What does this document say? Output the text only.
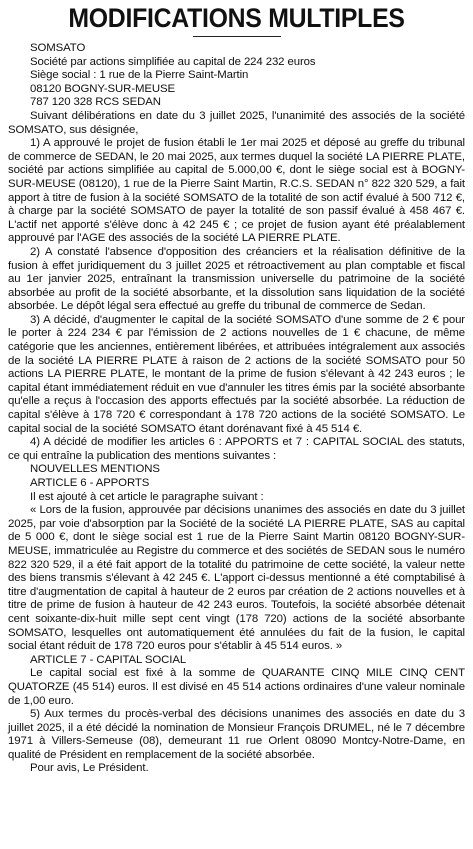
MODIFICATIONS MULTIPLES

SOMSATO

Société par actions simplifiée au capital de 224 232 euros

Siège social : 1 rue de la Pierre Saint-Martin

08120 BOGNY-SUR-MEUSE

787 120 328 RCS SEDAN

Suivant délibérations en date du 3 juillet 2025, l'unanimité des associés de la société SOMSATO, sus désignée,

1) A approuvé le projet de fusion établi le 1er mai 2025 et déposé au greffe du tribunal de commerce de SEDAN, le 20 mai 2025, aux termes duquel la société LA PIERRE PLATE, société par actions simplifiée au capital de 5.000,00 €, dont le siège social est à BOGNY-SUR-MEUSE (08120), 1 rue de la Pierre Saint Martin, R.C.S. SEDAN n° 822 320 529, a fait apport à titre de fusion à la société SOMSATO de la totalité de son actif évalué à 500 712 €, à charge par la société SOMSATO de payer la totalité de son passif évalué à 458 467 €. L'actif net apporté s'élève donc à 42 245 € ; ce projet de fusion ayant été préalablement approuvé par l'AGE des associés de la société LA PIERRE PLATE.

2) A constaté l'absence d'opposition des créanciers et la réalisation définitive de la fusion à effet juridiquement du 3 juillet 2025 et rétroactivement au plan comptable et fiscal au 1er janvier 2025, entraînant la transmission universelle du patrimoine de la société absorbée au profit de la société absorbante, et la dissolution sans liquidation de la société absorbée. Le dépôt légal sera effectué au greffe du tribunal de commerce de Sedan.

3) A décidé, d'augmenter le capital de la société SOMSATO d'une somme de 2 € pour le porter à 224 234 € par l'émission de 2 actions nouvelles de 1 € chacune, de même catégorie que les anciennes, entièrement libérées, et attribuées intégralement aux associés de la société LA PIERRE PLATE à raison de 2 actions de la société SOMSATO pour 50 actions LA PIERRE PLATE, le montant de la prime de fusion s'élevant à 42 243 euros ; le capital étant immédiatement réduit en vue d'annuler les titres émis par la société absorbante qu'elle a reçus à l'occasion des apports effectués par la société absorbée. La réduction de capital s'élève à 178 720 € correspondant à 178 720 actions de la société SOMSATO. Le capital social de la société SOMSATO étant dorénavant fixé à 45 514 €.

4) A décidé de modifier les articles 6 : APPORTS et 7 : CAPITAL SOCIAL des statuts, ce qui entraîne la publication des mentions suivantes :

NOUVELLES MENTIONS

ARTICLE 6 - APPORTS

Il est ajouté à cet article le paragraphe suivant :

« Lors de la fusion, approuvée par décisions unanimes des associés en date du 3 juillet 2025, par voie d'absorption par la Société de la société LA PIERRE PLATE, SAS au capital de 5 000 €, dont le siège social est 1 rue de la Pierre Saint Martin 08120 BOGNY-SUR-MEUSE, immatriculée au Registre du commerce et des sociétés de SEDAN sous le numéro 822 320 529, il a été fait apport de la totalité du patrimoine de cette société, la valeur nette des biens transmis s'élevant à 42 245 €. L'apport ci-dessus mentionné a été comptabilisé à titre d'augmentation de capital à hauteur de 2 euros par création de 2 actions nouvelles et à titre de prime de fusion à hauteur de 42 243 euros. Toutefois, la société absorbée détenait cent soixante-dix-huit mille sept cent vingt (178 720) actions de la société absorbante SOMSATO, lesquelles ont automatiquement été annulées du fait de la fusion, le capital social étant réduit de 178 720 euros pour s'établir à 45 514 euros. »

ARTICLE 7 - CAPITAL SOCIAL

Le capital social est fixé à la somme de QUARANTE CINQ MILE CINQ CENT QUATORZE (45 514) euros. Il est divisé en 45 514 actions ordinaires d'une valeur nominale de 1,00 euro.

5) Aux termes du procès-verbal des décisions unanimes des associés en date du 3 juillet 2025, il a été décidé la nomination de Monsieur François DRUMEL, né le 7 décembre 1971 à Villers-Semeuse (08), demeurant 11 rue Orlent 08090 Montcy-Notre-Dame, en qualité de Président en remplacement de la société absorbée.

Pour avis, Le Président.
